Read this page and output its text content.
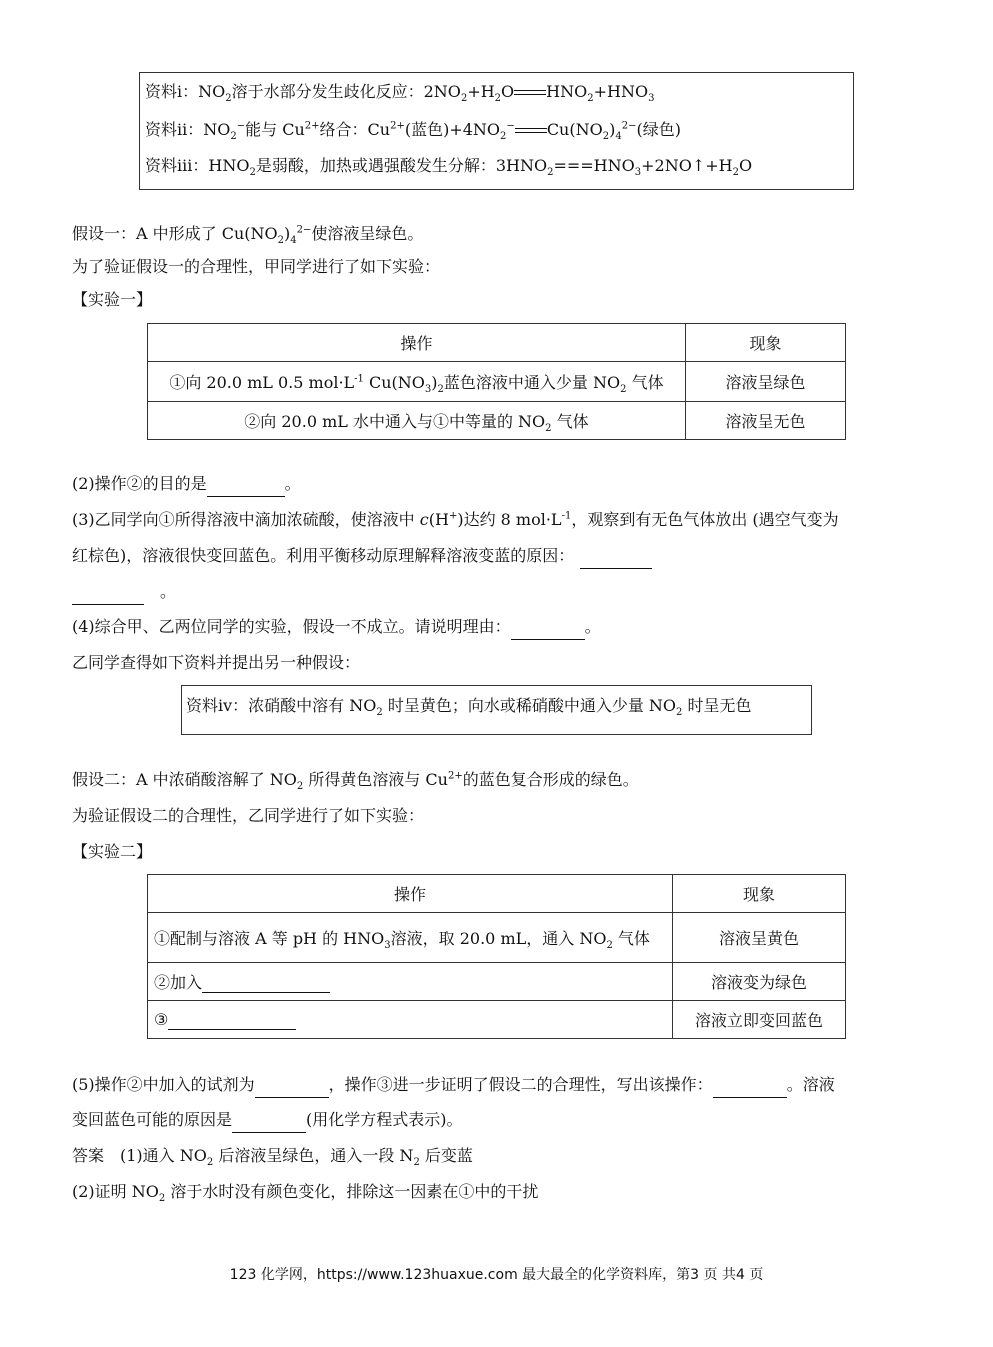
资料ⅰ：$NO_2$溶于水部分发生歧化反应：$2NO_2+H_2O$ $HNO_2+HNO_3$
资料ⅱ：$NO_2^-$能与 $Cu^{2+}$络合：$Cu^{2+}$(蓝色)$+4NO_2^-$ $Cu(NO_2)_4^{2-}$(绿色)
资料ⅲ：$HNO_2$是弱酸，加热或遇强酸发生分解：$3HNO_2===HNO_3+2NO↑+H_2O$
假设一：A 中形成了 $Cu(NO_2)_4^{2-}$使溶液呈绿色。
为了验证假设一的合理性，甲同学进行了如下实验：
【实验一】
操作	现象
①向 20.0 mL 0.5 $mol\cdot L^{-1}$ $Cu(NO_3)_2$蓝色溶液中通入少量 $NO_2$ 气体	溶液呈绿色
②向 20.0 mL 水中通入与①中等量的 $NO_2$ 气体	溶液呈无色
(2)操作②的目的是	。
(3)乙同学向①所得溶液中滴加浓硫酸，使溶液中 c(H+)达约 8 $mol\cdot L^{-1}$，观察到有无色气体放出 (遇空气变为
红棕色)，溶液很快变回蓝色。利用平衡移动原理解释溶液变蓝的原因：
。
(4)综合甲、乙两位同学的实验，假设一不成立。请说明理由：	。
乙同学查得如下资料并提出另一种假设：
资料ⅳ：浓硝酸中溶有 $NO_2$ 时呈黄色；向水或稀硝酸中通入少量 $NO_2$ 时呈无色
假设二：A 中浓硝酸溶解了 $NO_2$ 所得黄色溶液与 $Cu^{2+}$的蓝色复合形成的绿色。
为验证假设二的合理性，乙同学进行了如下实验：
【实验二】
操作	现象
①配制与溶液 A 等 pH 的 $HNO_3$溶液，取 20.0 mL，通入 $NO_2$ 气体	溶液呈黄色
②加入	溶液变为绿色
③	溶液立即变回蓝色
(5)操作②中加入的试剂为	，操作③进一步证明了假设二的合理性，写出该操作：	。溶液
变回蓝色可能的原因是	(用化学方程式表示)。
答案　(1)通入 $NO_2$ 后溶液呈绿色，通入一段 $N_2$ 后变蓝
(2)证明 $NO_2$ 溶于水时没有颜色变化，排除这一因素在①中的干扰
123 化学网，https://www.123huaxue.com 最大最全的化学资料库，第3 页 共4 页
